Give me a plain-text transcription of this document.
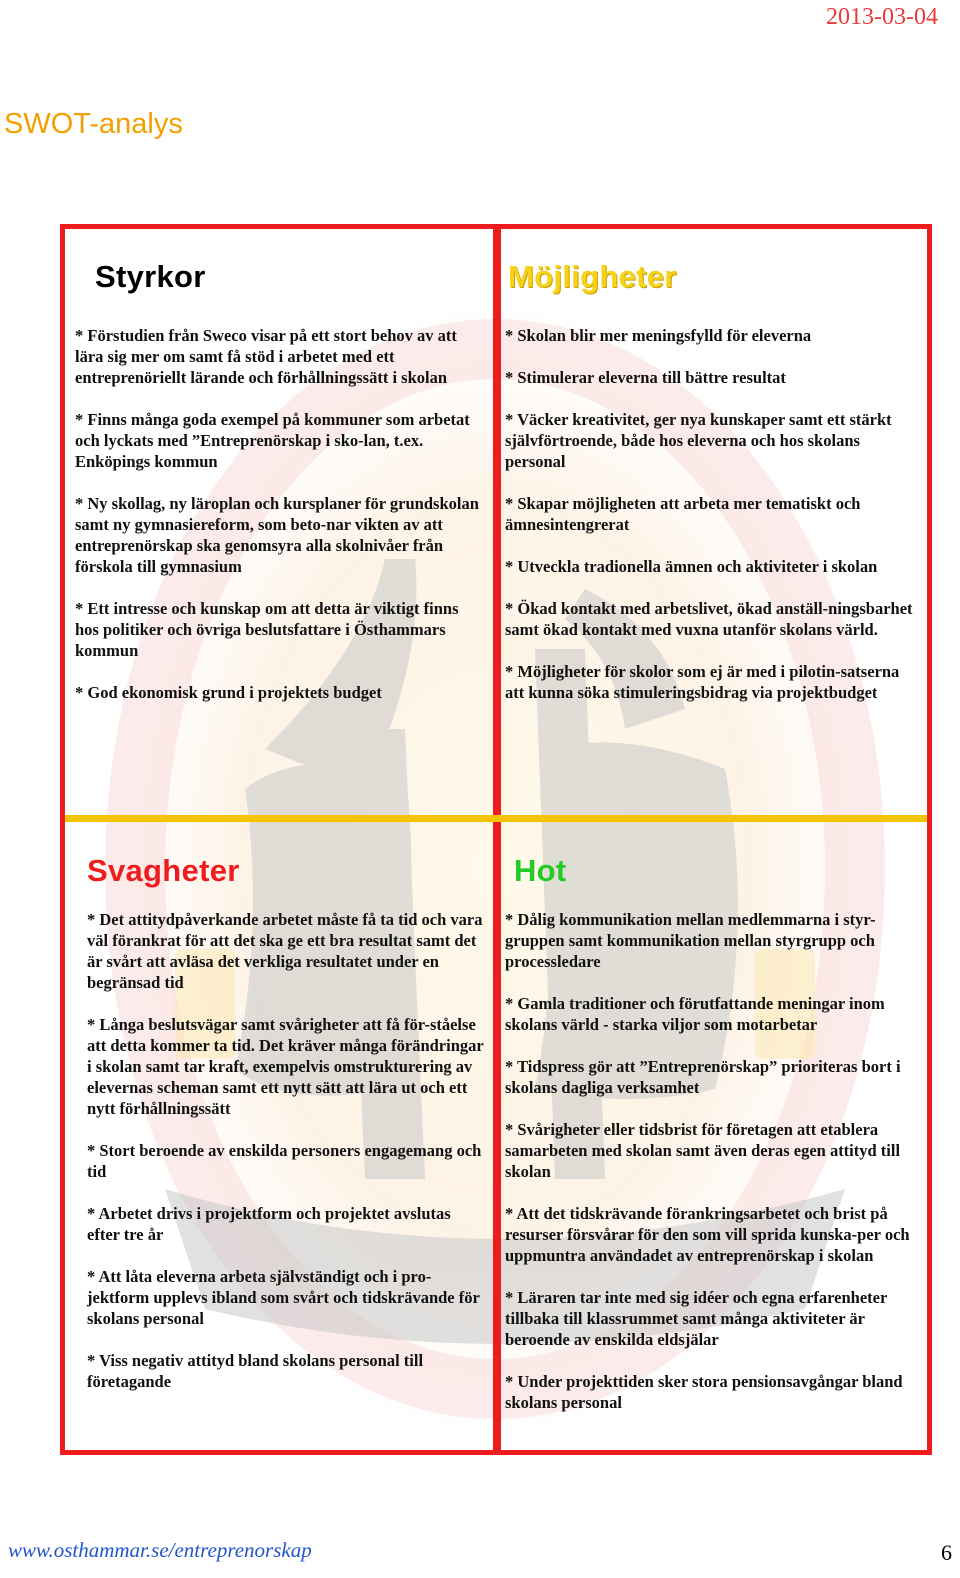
2013-03-04
SWOT-analys
Styrkor
* Förstudien från Sweco visar på ett stort behov av att lära sig mer om samt få stöd i arbetet med ett entreprenöriellt lärande och förhållningssätt i skolan
* Finns många goda exempel på kommuner som arbetat och lyckats med ”Entreprenörskap i sko-lan, t.ex. Enköpings kommun
* Ny skollag, ny läroplan och kursplaner för grundskolan samt ny gymnasiereform, som beto-nar vikten av att entreprenörskap ska genomsyra alla skolnivåer från förskola till gymnasium
* Ett intresse och kunskap om att detta är viktigt finns hos politiker och övriga beslutsfattare i Östhammars kommun
* God ekonomisk grund i projektets budget
Möjligheter
* Skolan blir mer meningsfylld för eleverna
* Stimulerar eleverna till bättre resultat
* Väcker kreativitet, ger nya kunskaper samt ett stärkt självförtroende, både hos eleverna och hos skolans personal
* Skapar möjligheten att arbeta mer tematiskt och ämnesintengrerat
* Utveckla tradionella ämnen och aktiviteter i skolan
* Ökad kontakt med arbetslivet, ökad anställ-ningsbarhet samt ökad kontakt med vuxna utanför skolans värld.
* Möjligheter för skolor som ej är med i pilotin-satserna att kunna söka stimuleringsbidrag via projektbudget
Svagheter
* Det attitydpåverkande arbetet måste få ta tid och vara väl förankrat för att det ska ge ett bra resultat samt det är svårt att avläsa det verkliga resultatet under en begränsad tid
* Långa beslutsvägar samt svårigheter att få för-ståelse att detta kommer ta tid. Det kräver många förändringar i skolan samt tar kraft, exempelvis omstrukturering av elevernas scheman samt ett nytt sätt att lära ut och ett nytt förhållningssätt
* Stort beroende av enskilda personers engagemang och tid
* Arbetet drivs i projektform och projektet avslutas efter tre år
* Att låta eleverna arbeta självständigt och i pro-jektform upplevs ibland som svårt och tidskrävande för skolans personal
* Viss negativ attityd bland skolans personal till företagande
Hot
* Dålig kommunikation mellan medlemmarna i styr-gruppen samt kommunikation mellan styrgrupp och processledare
* Gamla traditioner och förutfattande meningar inom skolans värld - starka viljor som motarbetar
* Tidspress gör att ”Entreprenörskap” prioriteras bort i skolans dagliga verksamhet
* Svårigheter eller tidsbrist för företagen att etablera samarbeten med skolan samt även deras egen attityd till skolan
* Att det tidskrävande förankringsarbetet och brist på resurser försvårar för den som vill sprida kunska-per och uppmuntra användadet av entreprenörskap i skolan
* Läraren tar inte med sig idéer och egna erfarenheter tillbaka till klassrummet samt många aktiviteter är beroende av enskilda eldsjälar
* Under projekttiden sker stora pensionsavgångar bland skolans personal
www.osthammar.se/entreprenorskap	6
